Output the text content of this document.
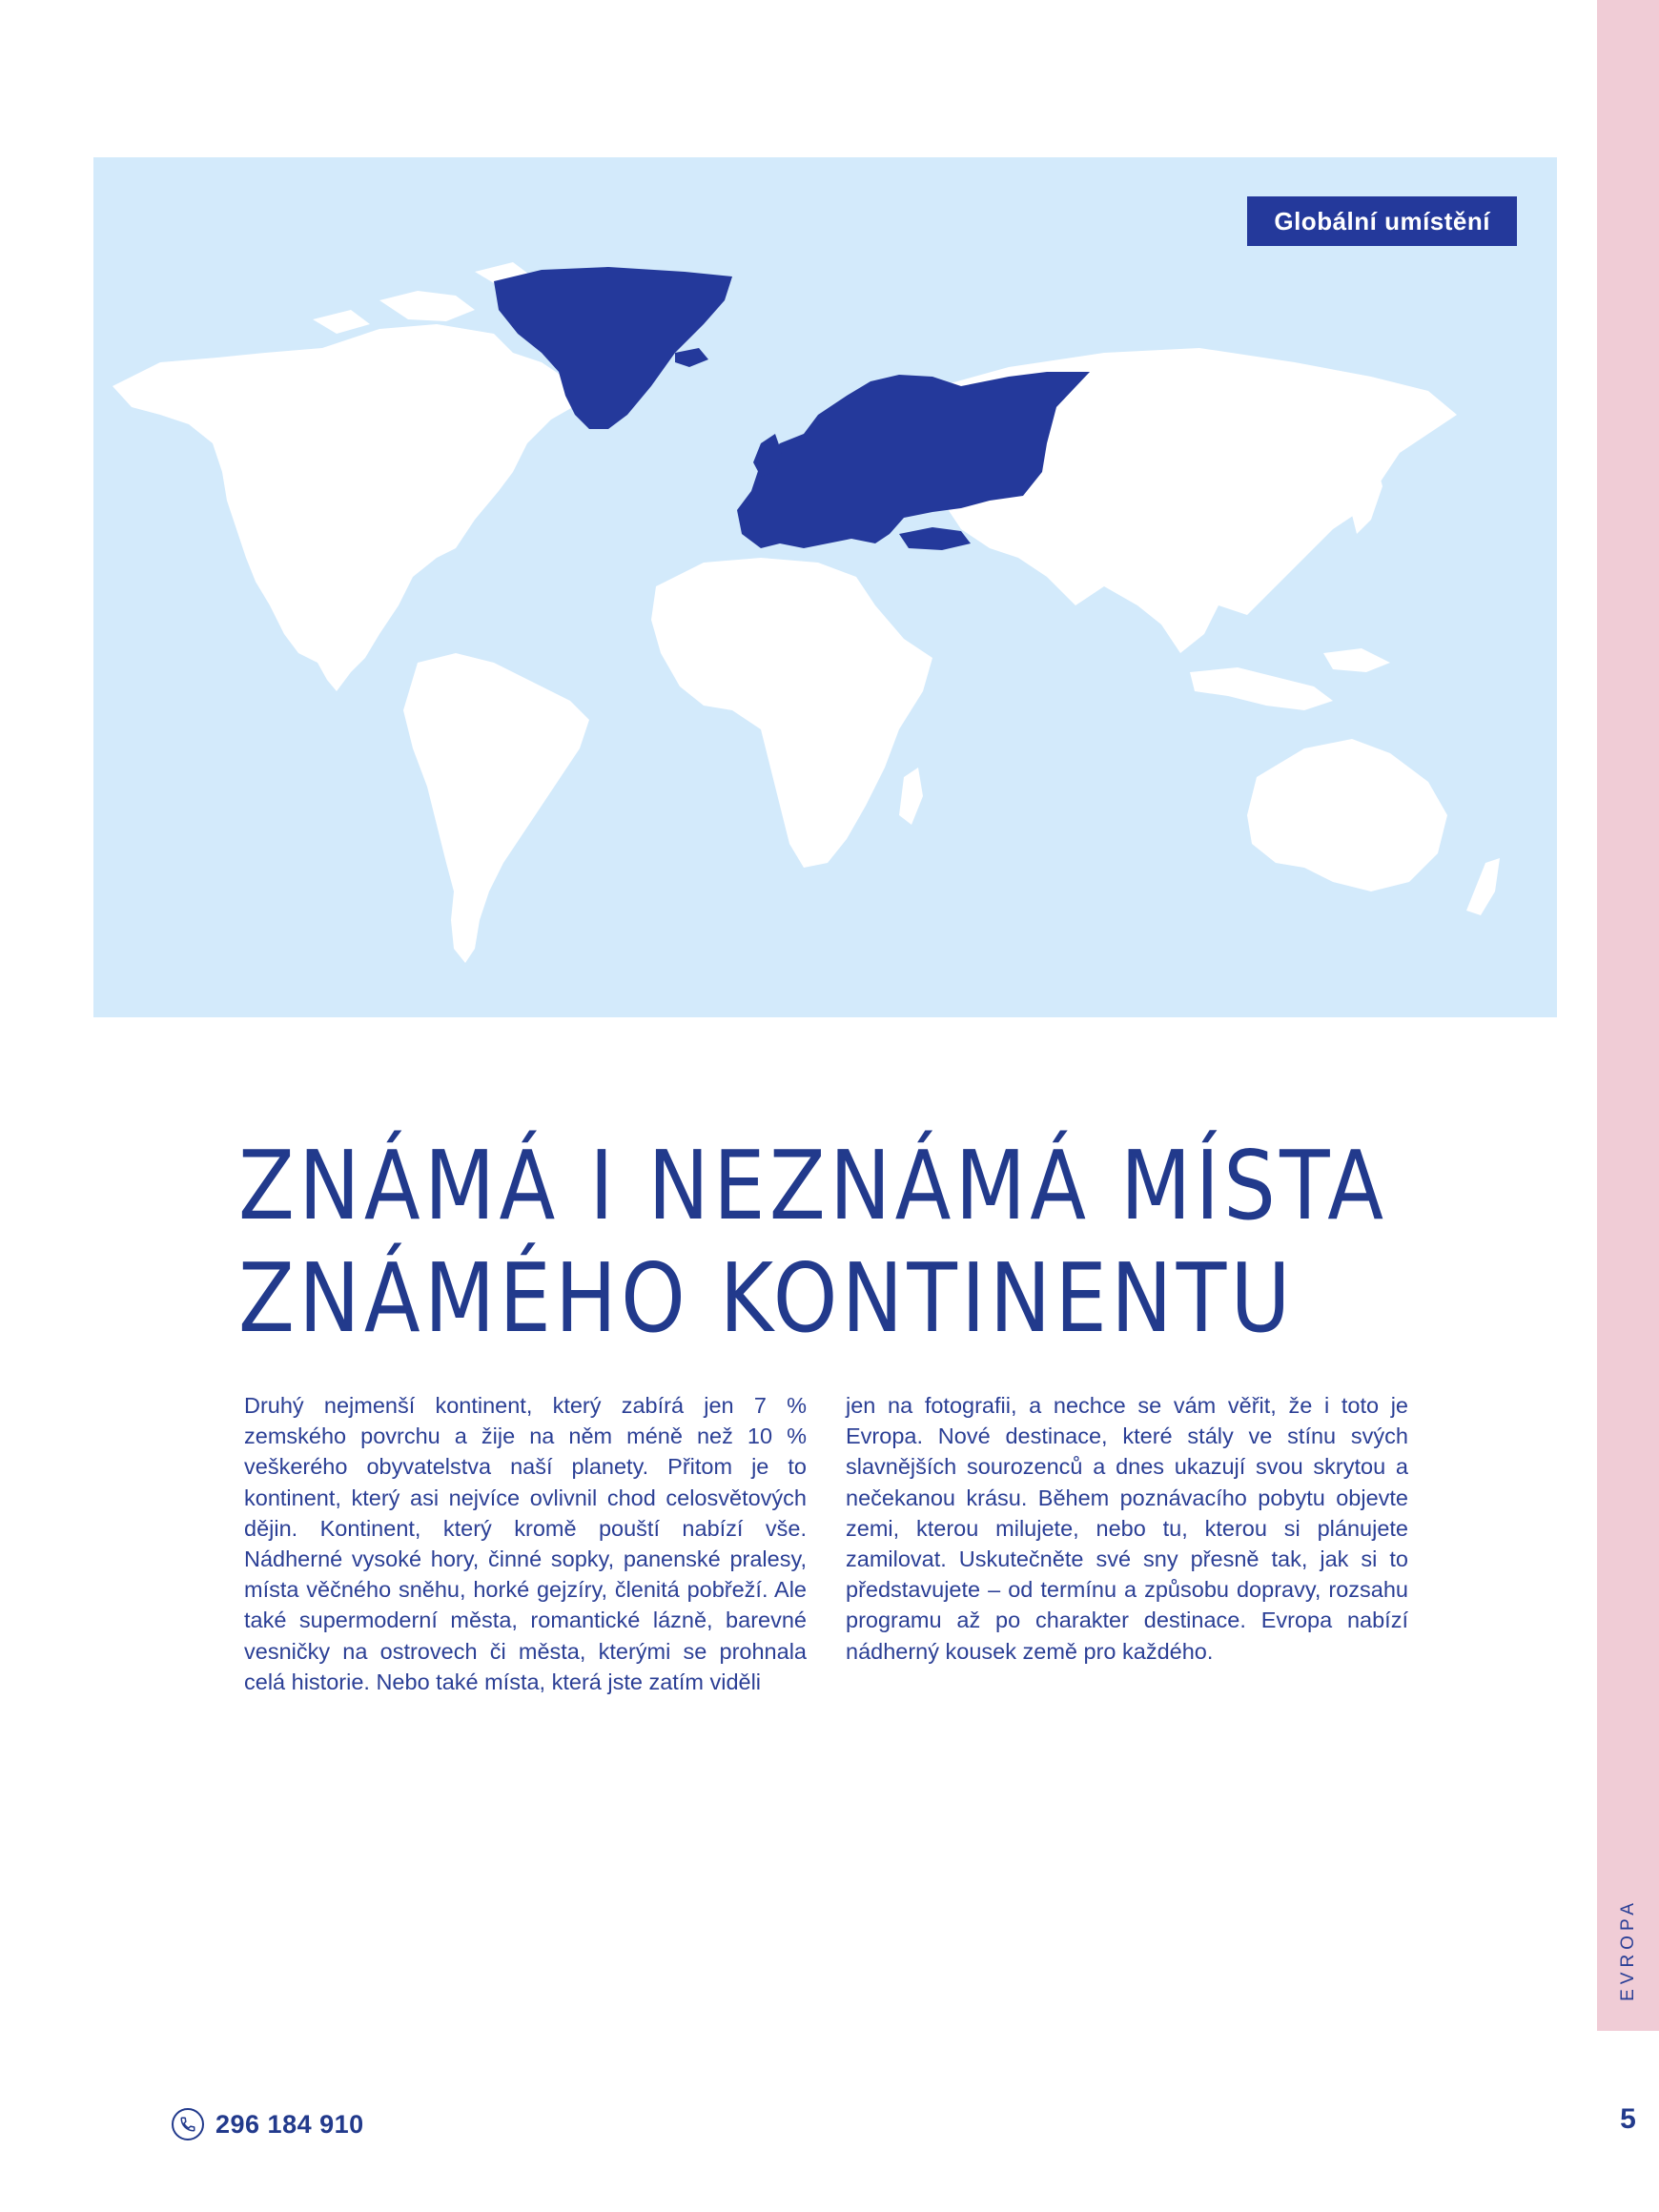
EVROPA
Globální umístění
ZNÁMÁ I NEZNÁMÁ MÍSTA
ZNÁMÉHO KONTINENTU

Druhý nejmenší kontinent, který zabírá jen 7 % zemského povrchu a žije na něm méně než 10 % veškerého obyvatelstva naší planety. Přitom je to kontinent, který asi nejvíce ovlivnil chod celosvětových dějin. Kontinent, který kromě pouští nabízí vše. Nádherné vysoké hory, činné sopky, panenské pralesy, místa věčného sněhu, horké gejzíry, členitá pobřeží. Ale také supermoderní města, romantické lázně, barevné vesničky na ostrovech či města, kterými se prohnala celá historie. Nebo také místa, která jste zatím viděli

jen na fotografii, a nechce se vám věřit, že i toto je Evropa. Nové destinace, které stály ve stínu svých slavnějších sourozenců a dnes ukazují svou skrytou a nečekanou krásu. Během poznávacího pobytu objevte zemi, kterou milujete, nebo tu, kterou si plánujete zamilovat. Uskutečněte své sny přesně tak, jak si to představujete – od termínu a způsobu dopravy, rozsahu programu až po charakter destinace. Evropa nabízí nádherný kousek země pro každého.

296 184 910	5
